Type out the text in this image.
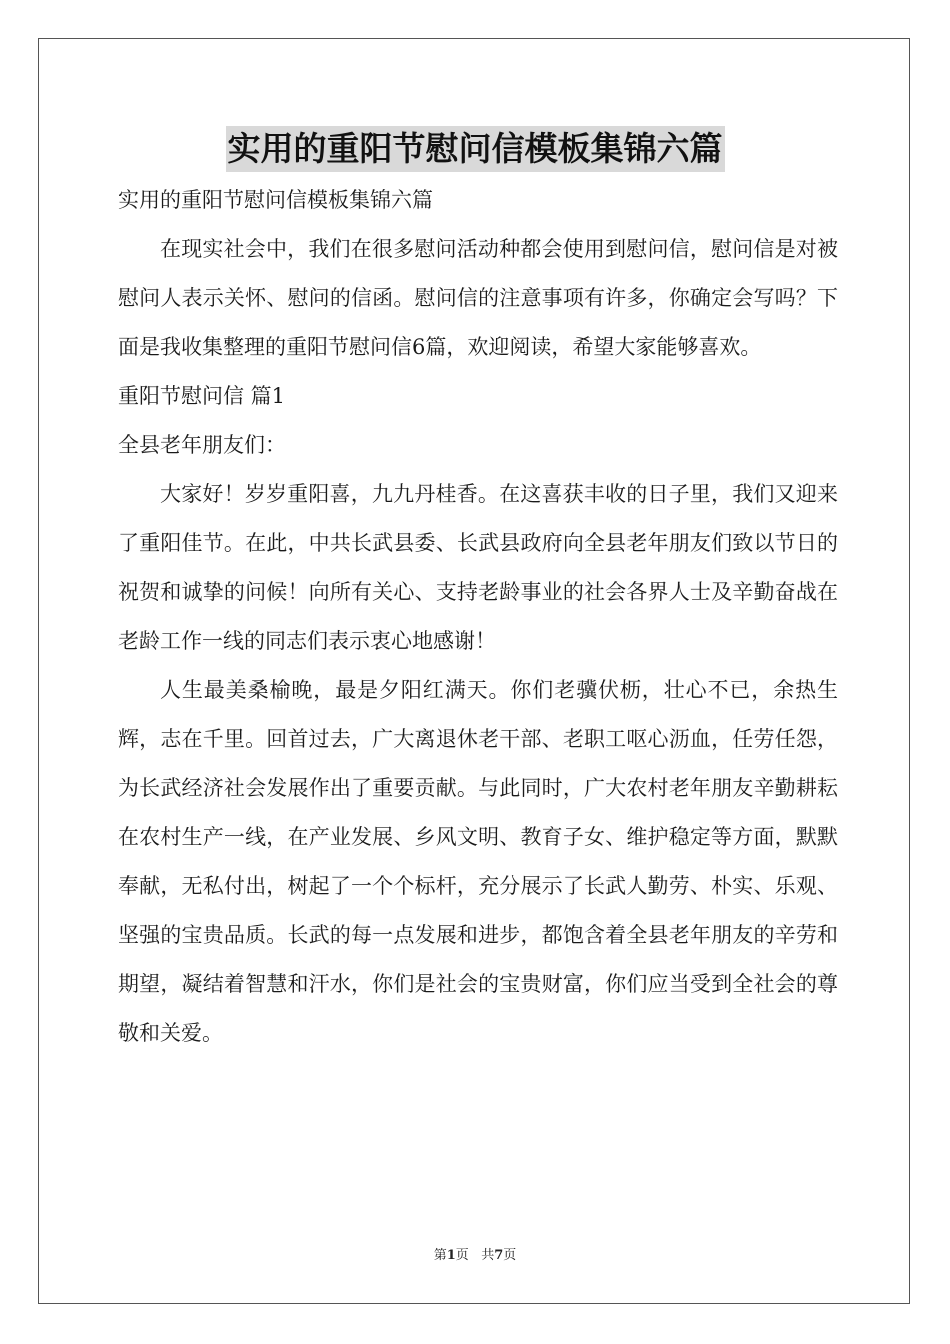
实用的重阳节慰问信模板集锦六篇

实用的重阳节慰问信模板集锦六篇

在现实社会中，我们在很多慰问活动种都会使用到慰问信，慰问信是对被慰问人表示关怀、慰问的信函。慰问信的注意事项有许多，你确定会写吗？下面是我收集整理的重阳节慰问信6篇，欢迎阅读，希望大家能够喜欢。

重阳节慰问信 篇1

全县老年朋友们：

大家好！岁岁重阳喜，九九丹桂香。在这喜获丰收的日子里，我们又迎来了重阳佳节。在此，中共长武县委、长武县政府向全县老年朋友们致以节日的祝贺和诚挚的问候！向所有关心、支持老龄事业的社会各界人士及辛勤奋战在老龄工作一线的同志们表示衷心地感谢！

人生最美桑榆晚，最是夕阳红满天。你们老骥伏枥，壮心不已，余热生辉，志在千里。回首过去，广大离退休老干部、老职工呕心沥血，任劳任怨，为长武经济社会发展作出了重要贡献。与此同时，广大农村老年朋友辛勤耕耘在农村生产一线，在产业发展、乡风文明、教育子女、维护稳定等方面，默默奉献，无私付出，树起了一个个标杆，充分展示了长武人勤劳、朴实、乐观、坚强的宝贵品质。长武的每一点发展和进步，都饱含着全县老年朋友的辛劳和期望，凝结着智慧和汗水，你们是社会的宝贵财富，你们应当受到全社会的尊敬和关爱。

第1页 共7页
